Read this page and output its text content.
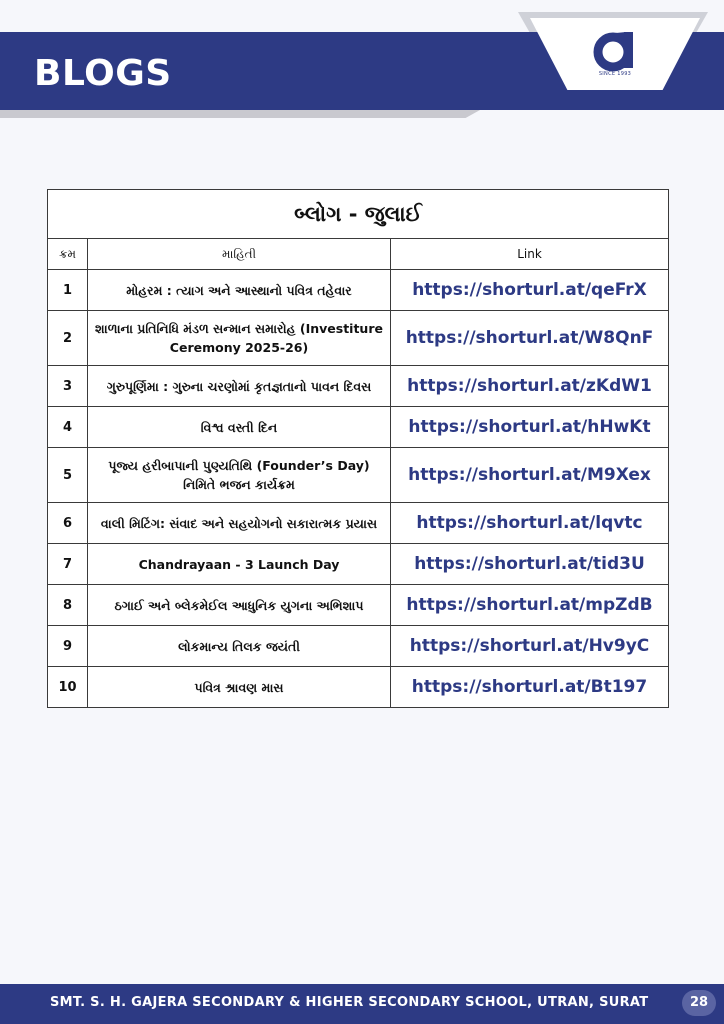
BLOGS	SINCE 1993
બ્લોગ - જુલાઈ		
ક્રમ	માહિતી	Link
1	મોહરમ : ત્યાગ અને આસ્થાનો પવિત્ર તહેવાર	https://shorturl.at/qeFrX
2	શાળાના પ્રતિનિધિ મંડળ સન્માન સમારોહ (Investiture Ceremony 2025-26)	https://shorturl.at/W8QnF
3	ગુરુપૂર્ણિમા : ગુરુના ચરણોમાં કૃતજ્ઞતાનો પાવન દિવસ	https://shorturl.at/zKdW1
4	વિશ્વ વસ્તી દિન	https://shorturl.at/hHwKt
5	પૂજ્ય હરીબાપાની પુણ્યતિથિ (Founder’s Day) નિમિતે ભજન કાર્યક્રમ	https://shorturl.at/M9Xex
6	વાલી મિટિંગ: સંવાદ અને સહયોગનો સકારાત્મક પ્રયાસ	https://shorturl.at/lqvtc
7	Chandrayaan - 3 Launch Day	https://shorturl.at/tid3U
8	ઠગાઈ અને બ્લેકમેઈલ આધુનિક યુગના અભિશાપ	https://shorturl.at/mpZdB
9	લોકમાન્ય તિલક જયંતી	https://shorturl.at/Hv9yC
10	પવિત્ર શ્રાવણ માસ	https://shorturl.at/Bt197
SMT. S. H. GAJERA SECONDARY & HIGHER SECONDARY SCHOOL, UTRAN, SURAT	28
